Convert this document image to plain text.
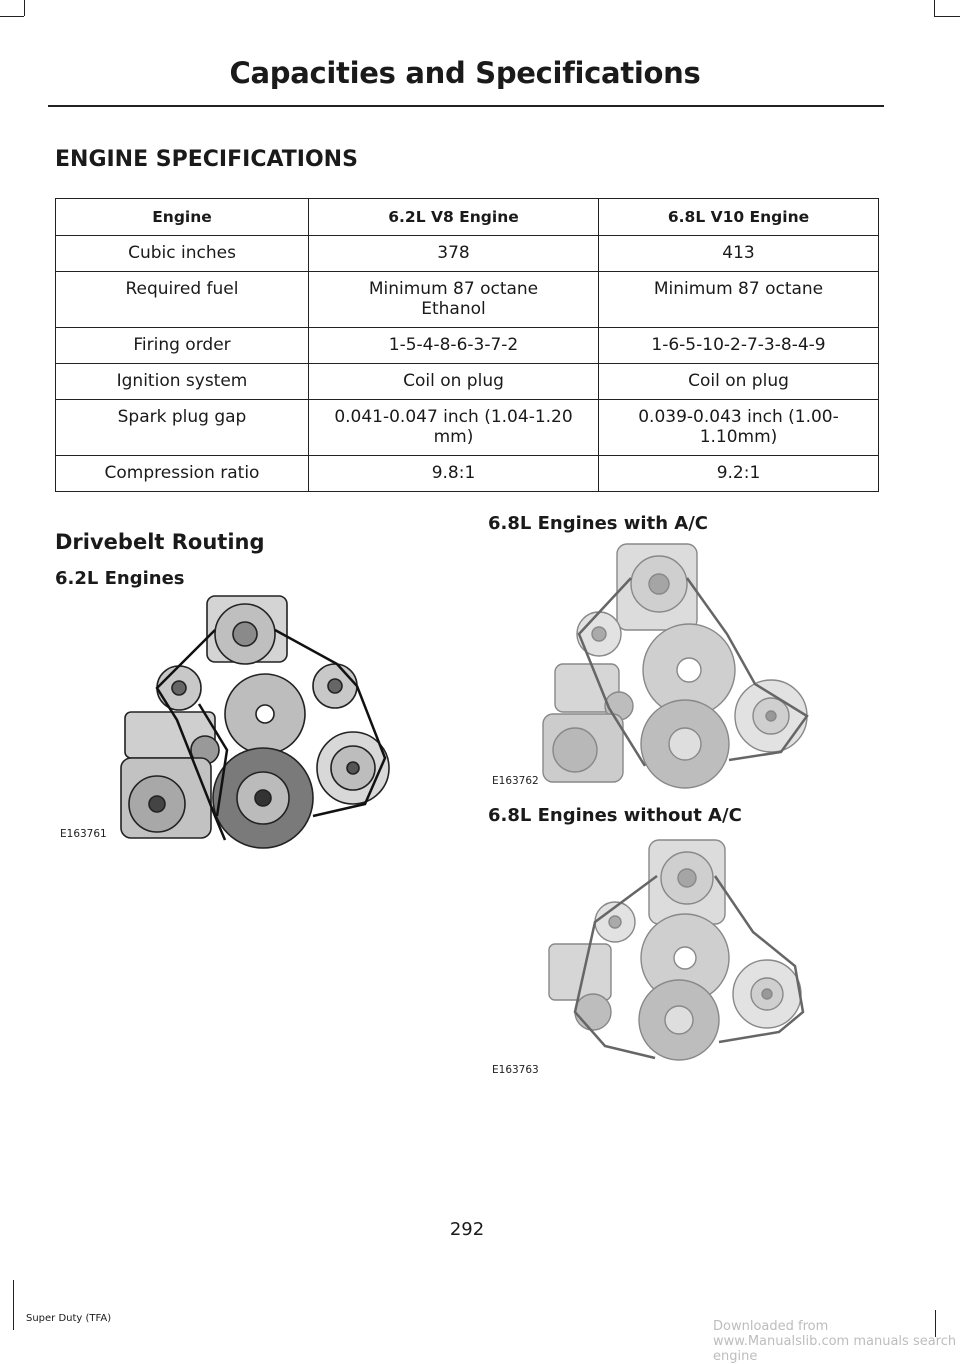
Capacities and Specifications
ENGINE SPECIFICATIONS
Engine	6.2L V8 Engine	6.8L V10 Engine
Cubic inches	378	413
Required fuel	Minimum 87 octane Ethanol	Minimum 87 octane
Firing order	1-5-4-8-6-3-7-2	1-6-5-10-2-7-3-8-4-9
Ignition system	Coil on plug	Coil on plug
Spark plug gap	0.041-0.047 inch (1.04-1.20 mm)	0.039-0.043 inch (1.00-1.10mm)
Compression ratio	9.8:1	9.2:1
Drivebelt Routing
6.2L Engines
6.8L Engines with A/C
6.8L Engines without A/C
E163761
E163762
E163763
292
Super Duty (TFA)
Downloaded from www.Manualslib.com manuals search engine
